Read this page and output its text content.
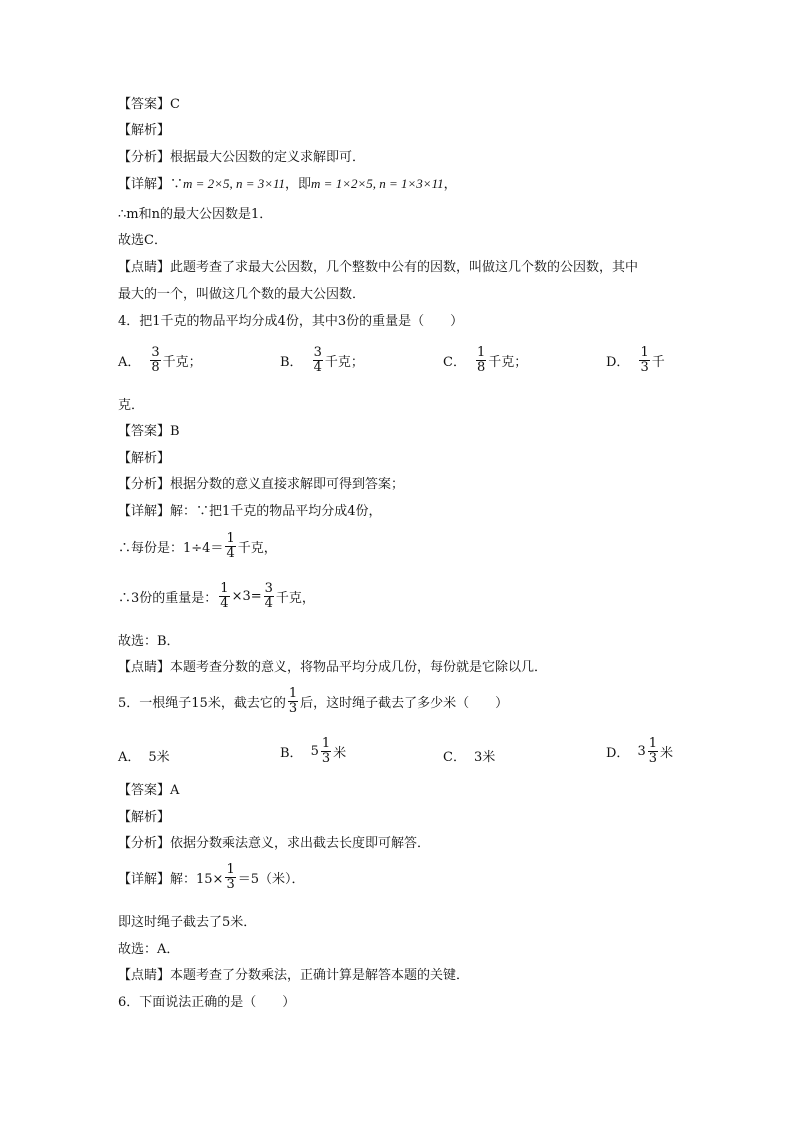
【答案】C
【解析】
【分析】根据最大公因数的定义求解即可．
【详解】∵m = 2×5, n = 3×11，即m = 1×2×5, n = 1×3×11，
∴m和n的最大公因数是1．
故选C．
【点睛】此题考查了求最大公因数，几个整数中公有的因数，叫做这几个数的公因数，其中
最大的一个，叫做这几个数的最大公因数．
4．把1千克的物品平均分成4份，其中3份的重量是（　　）
A． $\frac{3}{8}$ 千克；	B． $\frac{3}{4}$ 千克；	C． $\frac{1}{8}$ 千克；	D． $\frac{1}{3}$ 千
克．
【答案】B
【解析】
【分析】根据分数的意义直接求解即可得到答案；
【详解】解：∵把1千克的物品平均分成4份，
∴每份是：$1\div 4= \frac{1}{4}$ 千克，
∴3份的重量是： $\frac{1}{4} \times 3= \frac{3}{4}$ 千克，
故选：B．
【点睛】本题考查分数的意义，将物品平均分成几份，每份就是它除以几．
5．一根绳子15米，截去它的 $\frac{1}{3}$ 后，这时绳子截去了多少米（　　）
A． 5米	B． $5 \frac{1}{3}$ 米	C． 3米	D． $3 \frac{1}{3}$ 米
【答案】A
【解析】
【分析】依据分数乘法意义，求出截去长度即可解答．
【详解】解：$15\times \frac{1}{3} =5$（米）．
即这时绳子截去了5米．
故选：A．
【点睛】本题考查了分数乘法，正确计算是解答本题的关键．
6．下面说法正确的是（　　）
